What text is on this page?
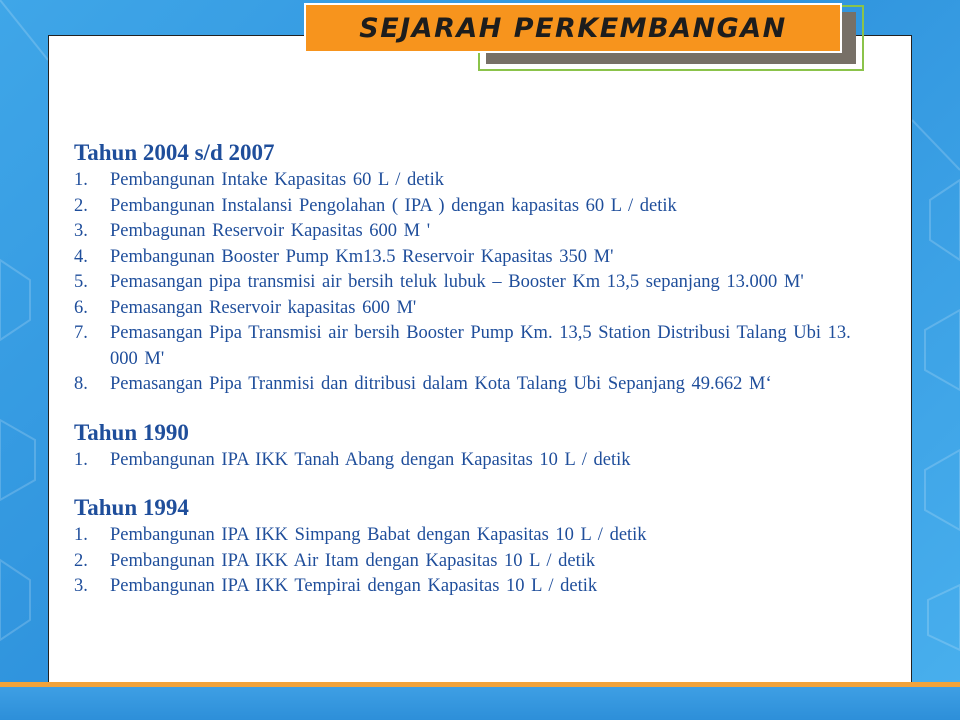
SEJARAH PERKEMBANGAN
Tahun 2004 s/d 2007
1.	Pembangunan Intake Kapasitas 60 L / detik
2.	Pembangunan Instalansi Pengolahan ( IPA ) dengan kapasitas 60 L / detik
3.	Pembagunan Reservoir Kapasitas 600 M '
4.	Pembangunan Booster Pump Km13.5 Reservoir Kapasitas 350 M'
5.	Pemasangan pipa transmisi air bersih teluk lubuk – Booster Km 13,5 sepanjang 13.000 M'
6.	Pemasangan Reservoir kapasitas 600 M'
7.	Pemasangan Pipa Transmisi air bersih Booster Pump Km. 13,5 Station Distribusi Talang Ubi 13. 000 M'
8.	Pemasangan Pipa Tranmisi dan ditribusi dalam Kota Talang Ubi Sepanjang 49.662 M‘
Tahun 1990
1.	Pembangunan IPA IKK Tanah Abang dengan Kapasitas 10 L / detik
Tahun 1994
1.	Pembangunan IPA IKK Simpang Babat dengan Kapasitas 10 L / detik
2.	Pembangunan IPA IKK Air Itam dengan Kapasitas 10 L / detik
3.	Pembangunan IPA IKK Tempirai dengan Kapasitas 10 L / detik
